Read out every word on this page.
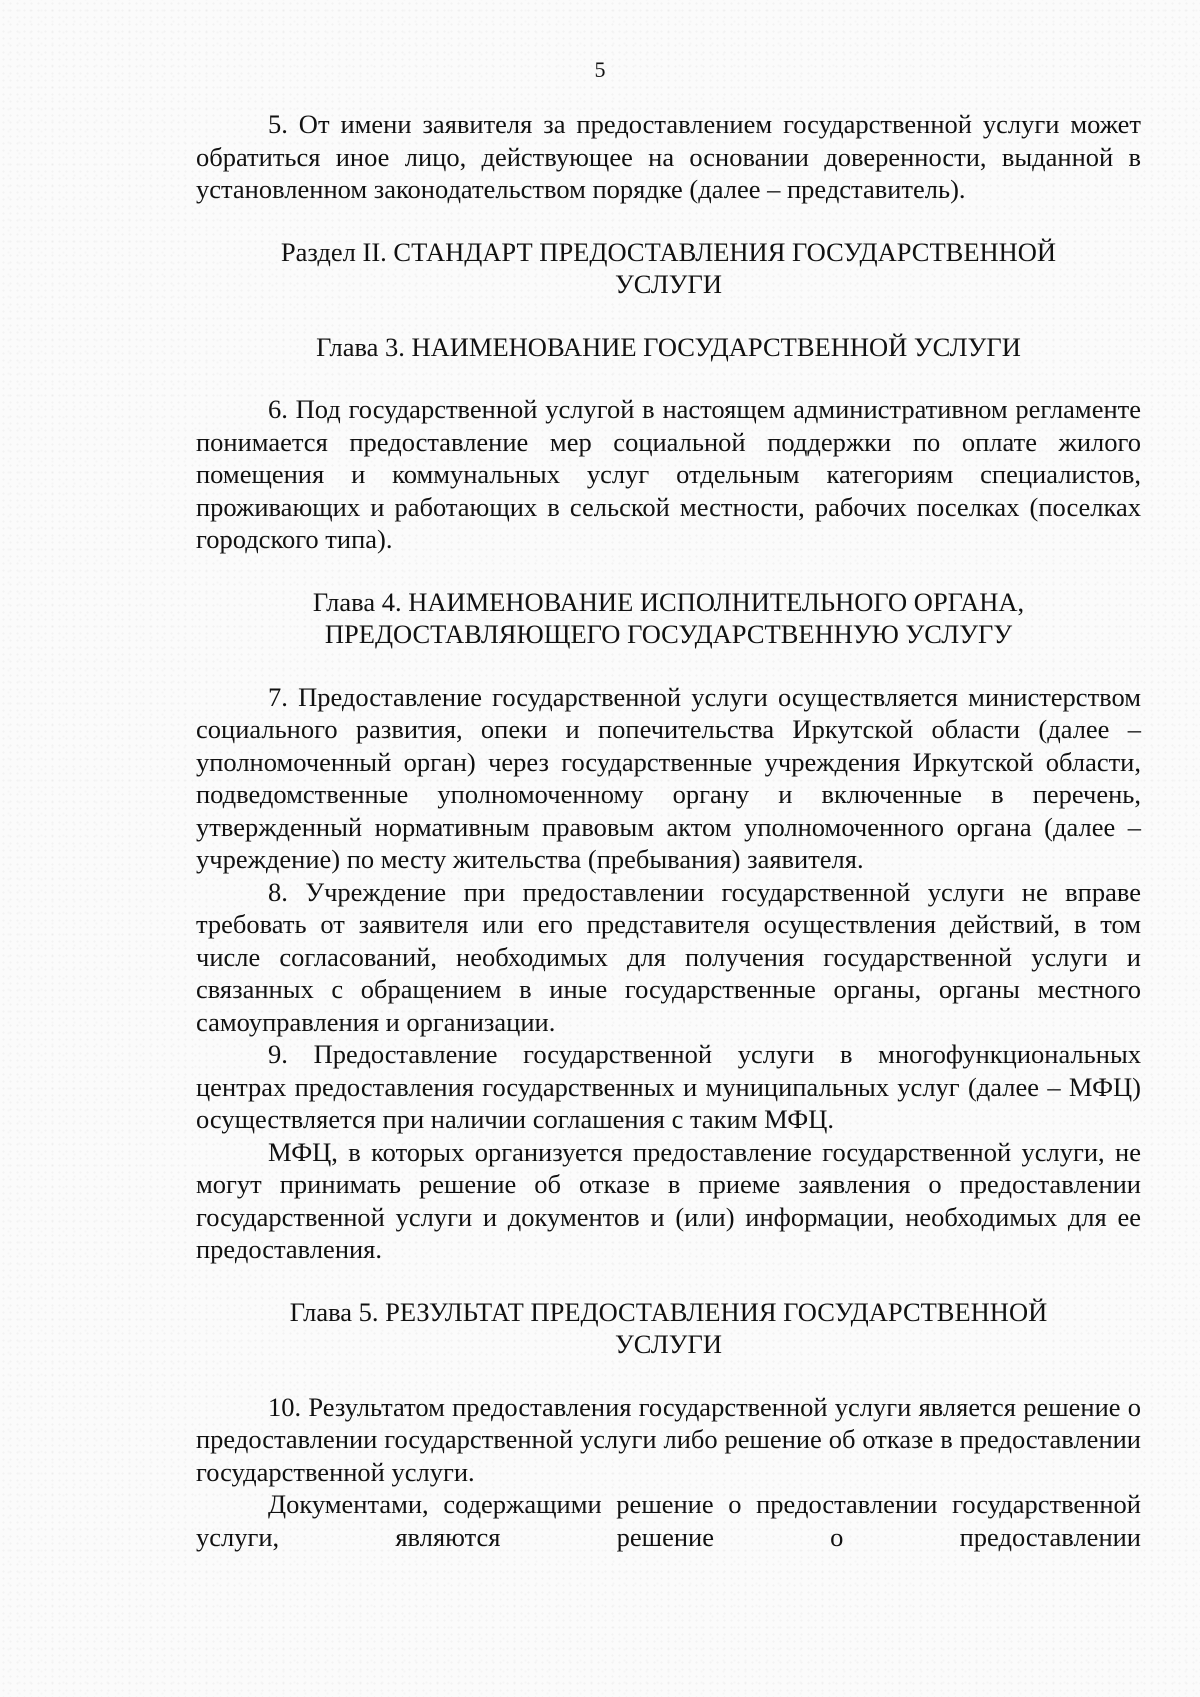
5

5. От имени заявителя за предоставлением государственной услуги может обратиться иное лицо, действующее на основании доверенности, выданной в установленном законодательством порядке (далее – представитель).

Раздел II. СТАНДАРТ ПРЕДОСТАВЛЕНИЯ ГОСУДАРСТВЕННОЙ
УСЛУГИ
Глава 3. НАИМЕНОВАНИЕ ГОСУДАРСТВЕННОЙ УСЛУГИ

6. Под государственной услугой в настоящем административном регламенте понимается предоставление мер социальной поддержки по оплате жилого помещения и коммунальных услуг отдельным категориям специалистов, проживающих и работающих в сельской местности, рабочих поселках (поселках городского типа).

Глава 4. НАИМЕНОВАНИЕ ИСПОЛНИТЕЛЬНОГО ОРГАНА,
ПРЕДОСТАВЛЯЮЩЕГО ГОСУДАРСТВЕННУЮ УСЛУГУ

7. Предоставление государственной услуги осуществляется министерством социального развития, опеки и попечительства Иркутской области (далее – уполномоченный орган) через государственные учреждения Иркутской области, подведомственные уполномоченному органу и включенные в перечень, утвержденный нормативным правовым актом уполномоченного органа (далее – учреждение) по месту жительства (пребывания) заявителя.

8. Учреждение при предоставлении государственной услуги не вправе требовать от заявителя или его представителя осуществления действий, в том числе согласований, необходимых для получения государственной услуги и связанных с обращением в иные государственные органы, органы местного самоуправления и организации.

9. Предоставление государственной услуги в многофункциональных центрах предоставления государственных и муниципальных услуг (далее – МФЦ) осуществляется при наличии соглашения с таким МФЦ.

МФЦ, в которых организуется предоставление государственной услуги, не могут принимать решение об отказе в приеме заявления о предоставлении государственной услуги и документов и (или) информации, необходимых для ее предоставления.

Глава 5. РЕЗУЛЬТАТ ПРЕДОСТАВЛЕНИЯ ГОСУДАРСТВЕННОЙ
УСЛУГИ

10. Результатом предоставления государственной услуги является решение о предоставлении государственной услуги либо решение об отказе в предоставлении государственной услуги.

Документами, содержащими решение о предоставлении государственной услуги, являются решение о предоставлении
